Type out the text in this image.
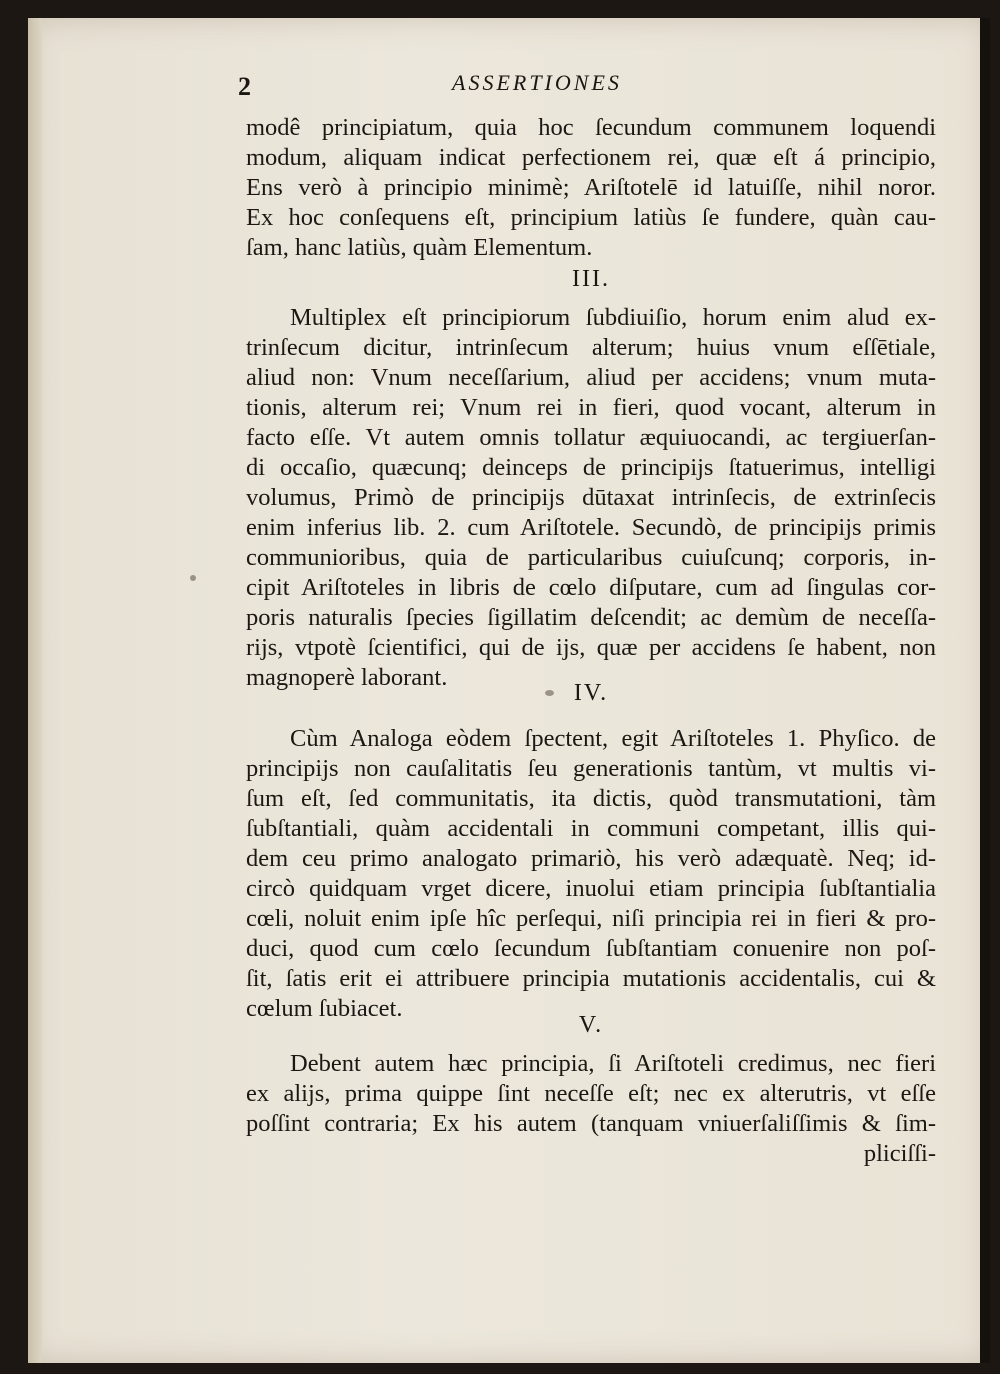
2	ASSERTIONES
modê principiatum, quia hoc ſecundum communem loquendi
modum, aliquam indicat perfectionem rei, quæ eſt á principio,
Ens verò à principio minimè; Ariſtotelē id latuiſſe, nihil noror.
Ex hoc conſequens eſt, principium latiùs ſe fundere, quàn cau-
ſam, hanc latiùs, quàm Elementum.
III.
Multiplex eſt principiorum ſubdiuiſio, horum enim alud ex-
trinſecum dicitur, intrinſecum alterum; huius vnum eſſētiale,
aliud non: Vnum neceſſarium, aliud per accidens; vnum muta-
tionis, alterum rei; Vnum rei in fieri, quod vocant, alterum in
facto eſſe. Vt autem omnis tollatur æquiuocandi, ac tergiuerſan-
di occaſio, quæcunq; deinceps de principijs ſtatuerimus, intelligi
volumus, Primò de principijs dūtaxat intrinſecis, de extrinſecis
enim inferius lib. 2. cum Ariſtotele. Secundò, de principijs primis
communioribus, quia de particularibus cuiuſcunq; corporis, in-
cipit Ariſtoteles in libris de cœlo diſputare, cum ad ſingulas cor-
poris naturalis ſpecies ſigillatim deſcendit; ac demùm de neceſſa-
rijs, vtpotè ſcientifici, qui de ijs, quæ per accidens ſe habent, non
magnoperè laborant.
IV.
Cùm Analoga eòdem ſpectent, egit Ariſtoteles 1. Phyſico. de
principijs non cauſalitatis ſeu generationis tantùm, vt multis vi-
ſum eſt, ſed communitatis, ita dictis, quòd transmutationi, tàm
ſubſtantiali, quàm accidentali in communi competant, illis qui-
dem ceu primo analogato primariò, his verò adæquatè. Neq; id-
circò quidquam vrget dicere, inuolui etiam principia ſubſtantialia
cœli, noluit enim ipſe hîc perſequi, niſi principia rei in fieri & pro-
duci, quod cum cœlo ſecundum ſubſtantiam conuenire non poſ-
ſit, ſatis erit ei attribuere principia mutationis accidentalis, cui &
cœlum ſubiacet.
V.
Debent autem hæc principia, ſi Ariſtoteli credimus, nec fieri
ex alijs, prima quippe ſint neceſſe eſt; nec ex alterutris, vt eſſe
poſſint contraria; Ex his autem (tanquam vniuerſaliſſimis & ſim-
pliciſſi-
